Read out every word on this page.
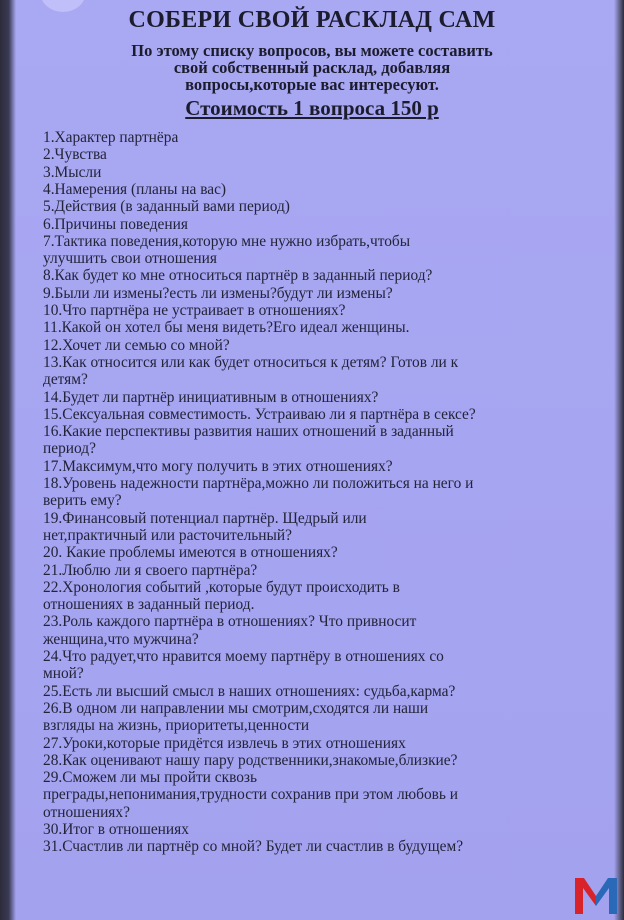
СОБЕРИ СВОЙ РАСКЛАД САМ
По этому списку вопросов, вы можете составить
свой собственный расклад, добавляя
вопросы,которые вас интересуют.
Стоимость 1 вопроса 150 р
1.Характер партнёра
2.Чувства
3.Мысли
4.Намерения (планы на вас)
5.Действия (в заданный вами период)
6.Причины поведения
7.Тактика поведения,которую мне нужно избрать,чтобы
улучшить свои отношения
8.Как будет ко мне относиться партнёр в заданный период?
9.Были ли измены?есть ли измены?будут ли измены?
10.Что партнёра не устраивает в отношениях?
11.Какой он хотел бы меня видеть?Его идеал женщины.
12.Хочет ли семью со мной?
13.Как относится или как будет относиться к детям? Готов ли к
детям?
14.Будет ли партнёр инициативным в отношениях?
15.Сексуальная совместимость. Устраиваю ли я партнёра в сексе?
16.Какие перспективы развития наших отношений в заданный
период?
17.Максимум,что могу получить в этих отношениях?
18.Уровень надежности партнёра,можно ли положиться на него и
верить ему?
19.Финансовый потенциал партнёр. Щедрый или
нет,практичный или расточительный?
20. Какие проблемы имеются в отношениях?
21.Люблю ли я своего партнёра?
22.Хронология событий ,которые будут происходить в
отношениях в заданный период.
23.Роль каждого партнёра в отношениях? Что привносит
женщина,что мужчина?
24.Что радует,что нравится моему партнёру в отношениях со
мной?
25.Есть ли высший смысл в наших отношениях: судьба,карма?
26.В одном ли направлении мы смотрим,сходятся ли наши
взгляды на жизнь, приоритеты,ценности
27.Уроки,которые придётся извлечь в этих отношениях
28.Как оценивают нашу пару родственники,знакомые,близкие?
29.Сможем ли мы пройти сквозь
преграды,непонимания,трудности сохранив при этом любовь и
отношениях?
30.Итог в отношениях
31.Счастлив ли партнёр со мной? Будет ли счастлив в будущем?
